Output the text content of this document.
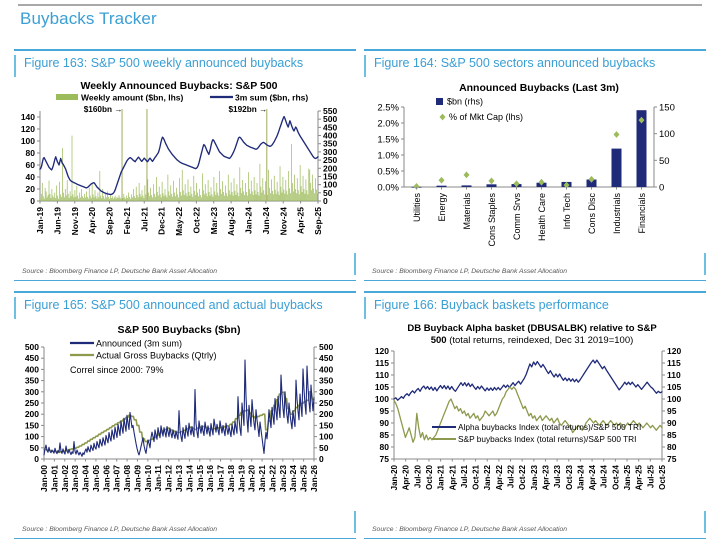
Buybacks Tracker
Figure 163: S&P 500 weekly announced buybacks
Weekly Announced Buybacks: S&P 500
Weekly amount ($bn, lhs)	3m sum ($bn, rhs)
0
20
40
60
80
100
120
140
0
50
100
150
200
250
300
350
400
450
500
550
$160bn →	$192bn →
Jan-19 Jun-19 Nov-19 Apr-20 Sep-20 Feb-21 Jul-21 Dec-21 May-22 Oct-22 Mar-23 Aug-23 Jan-24 Jun-24 Nov-24 Apr-25 Sep-25
Source : Bloomberg Finance LP, Deutsche Bank Asset Allocation
Figure 164: S&P 500 sectors announced buybacks
Announced Buybacks (Last 3m)
$bn (rhs)
% of Mkt Cap (lhs)
0.0%
0.5%
1.0%
1.5%
2.0%
2.5%
0
50
100
150
Utilities Energy Materials Cons Staples Comm Srvs Health Care Info Tech Cons Disc Industrials Financials
Source : Bloomberg Finance LP, Deutsche Bank Asset Allocation
Figure 165: S&P 500 announced and actual buybacks
S&P 500 Buybacks ($bn)
Announced (3m sum)
Actual Gross Buybacks (Qtrly)
Correl since 2000: 79%
0	0
50	50
100	100
150	150
200	200
250	250
300	300
350	350
400	400
450	450
500	500
Jan-00 Jan-01 Jan-02 Jan-03 Jan-04 Jan-05 Jan-06 Jan-07 Jan-08 Jan-09 Jan-10 Jan-11 Jan-12 Jan-13 Jan-14 Jan-15 Jan-16 Jan-17 Jan-18 Jan-19 Jan-20 Jan-21 Jan-22 Jan-23 Jan-24 Jan-25 Jan-26
Source : Bloomberg Finance LP, Deutsche Bank Asset Allocation
Figure 166: Buyback baskets performance
DB Buyback Alpha basket (DBUSALBK) relative to S&P
500 (total returns, reindexed, Dec 31 2019=100)
75	75
80	80
85	85
90	90
95	95
100	100
105	105
110	110
115	115
120	120
Alpha buybacks Index (total returns)/S&P 500 TRI
S&P buybacks Index (total returns)/S&P 500 TRI
Jan-20 Apr-20 Jul-20 Oct-20 Jan-21 Apr-21 Jul-21 Oct-21 Jan-22 Apr-22 Jul-22 Oct-22 Jan-23 Apr-23 Jul-23 Oct-23 Jan-24 Apr-24 Jul-24 Oct-24 Jan-25 Apr-25 Jul-25 Oct-25
Source : Bloomberg Finance LP, Deutsche Bank Asset Allocation
